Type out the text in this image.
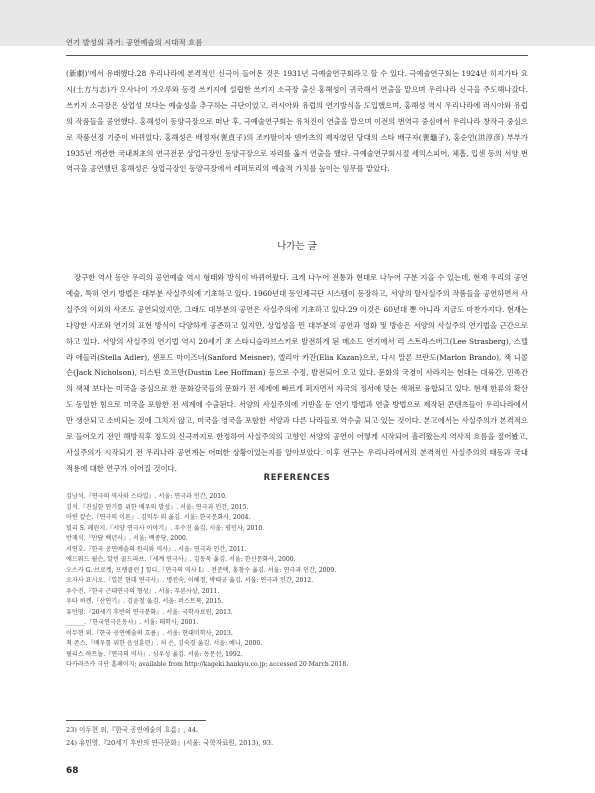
연기 발성의 과거: 공연예술의 시대적 흐름

(新劇)'에서 유래했다.28 우리나라에 본격적인 신극이 들어온 것은 1931년 극예술연구회라고 할 수 있다. 극예술연구회는 1924년 히지가타 요시(土方与志)가 오사나이 가오루와 동경 쓰키지에 설립한 쓰키지 소극장 출신 홍해성이 귀국해서 연출을 맡으며 우리나라 신극을 주도해나갔다. 쓰키지 소극장은 상업성 보다는 예술성을 추구하는 극단이었고, 러시아와 유럽의 연기방식을 도입했으며, 홍해성 역시 우리나라에 러시아와 유럽의 작품들을 공연했다. 홍해성이 동양극장으로 떠난 후, 극예술연구회는 유치진이 연출을 맡으며 이전의 번역극 중심에서 우리나라 창작극 중심으로 작품선정 기준이 바뀌었다. 홍해성은 배정자(裵貞子)의 조카딸이자 덴카츠의 제자였던 당대의 스타 배구자(裵龜子), 홍순언(洪淳彦) 부부가 1935년 개관한 국내최초의 연극전문 상업극장인 동양극장으로 자리를 옮겨 연출을 했다. 극예술연구회시절 세익스피어, 체홉, 입센 등의 서양 번역극을 공연했던 홍해성은 상업극장인 동양극장에서 레퍼토리의 예술적 가치를 높이는 임무를 맡았다.

나가는 글

장구한 역사 동안 우리의 공연예술 역시 형태와 방식이 바뀌어왔다. 크게 나누어 전통과 현대로 나누어 구분 지을 수 있는데, 현재 우리의 공연 예술, 특히 연기 방법은 대부분 사실주의에 기초하고 있다. 1960년대 동인제극단 시스템이 등장하고, 서양의 탈사실주의 작품들을 공연하면서 사실주의 이외의 사조도 공연되었지만, 그래도 대부분의 공연은 사실주의에 기초하고 있다.29 이것은 60년대 뿐 아니라 지금도 마찬가지다. 현재는 다양한 사조와 연기의 표현 방식이 다양하게 공존하고 있지만, 상업성을 띈 대부분의 공연과 영화 및 방송은 서양의 사실주의 연기법을 근간으로 하고 있다. 서양의 사실주의 연기법 역시 20세기 초 스타니슬라브스키로 발전하게 된 메소드 연기에서 리 스트라스버그(Lee Strasberg), 스텔라 애들러(Stella Adler), 샌포드 마이즈너(Sanford Meisner), 엘리아 카잔(Elia Kazan)으로, 다시 말론 브란도(Marlon Brando), 잭 니콜슨(Jack Nicholson), 더스틴 호프만(Dustin Lee Hoffman) 등으로 수정, 발전되어 오고 있다. 문화의 국경이 사라지는 현대는 대륙간, 민족간의 색체 보다는 미국을 중심으로 한 문화강국들의 문화가 전 세계에 빠르게 퍼지면서 자국의 정서에 맞는 색채로 융합되고 있다. 현재 한류의 확산도 동일한 힘으로 미국을 포함한 전 세계에 수출된다. 서양의 사실주의에 기반을 둔 연기 방법과 연출 방법으로 제작된 콘텐츠들이 우리나라에서만 생산되고 소비되는 것에 그치지 않고, 미국을 영국을 포함한 서양과 다른 나라들로 역수출 되고 있는 것이다. 본고에서는 사실주의가 본격적으로 들어오기 전인 해방직후 정도의 신극까지로 한정하여 사실주의의 고향인 서양의 공연이 어떻게 시작되어 흘러왔는지 역사적 흐름을 짚어봤고, 사실주의가 시작되기 전 우리나라 공연계는 어떠한 상황이었는지를 알아보았다. 이후 연구는 우리나라에서의 본격적인 사실주의의 태동과 국내 적용에 대한 연구가 이어질 것이다.

REFERENCES
김남석.『연극의 역사와 스타일』. 서울: 연극과 인간, 2010.
김석.『진실한 연기를 위한 배우의 발성』. 서울: 연극과 인간, 2015.
마빈 칼슨.『연극의 이론』. 김익두 외 옮김. 서울: 한국문화사, 2004.
빌리 S. 페린지.『서양 연극사 이야기』. 우수진 옮김. 서울: 평민사, 2010.
반재식.『만담 백년사』. 서울: 백중당, 2000.
서연호.『한국 공연예술의 원리와 역사』. 서울: 연극과 인간, 2011.
에드워드 윌슨, 알빈 골드파브.『세계 연극사』. 김동욱 옮김. 서울: 한신문화사, 2000.
오스카 G. 브로켓, 프랭클린 J 힐디.『연극의 역사 I』. 전준택, 홍창수 옮김. 서울: 연극과 인간, 2009.
오자사 요시오.『일본 현대 연극사』. 명진숙, 이혜정, 박태규 옮김. 서울: 연극과 인간, 2012.
우수진.『한국 근대연극의 형성』. 서울: 푸른사상, 2011.
우타 하겐.『산연기』. 김윤철 옮김. 서울: 퍼스트북, 2015.
유민영.『20세기 후반의 연극문화』. 서울: 국학자료원, 2013.
______.『한국연극운동사』. 서울: 태학사, 2001.
이두현 외.『한국 공연예술의 흐름』. 서울: 현대미학사, 2013.
척 존스.『배우를 위한 음성훈련』. 허 은, 김숙경 옮김. 서울: 예니, 2000.
필리스 하트놀.『연극의 역사』. 심우성 옮김. 서울: 동문선, 1992.
다카라즈카 극단 홈페이지; available from http://kageki.hankyu.co.jp; accessed 20 March 2018.
23) 이두현 외,『한국 공연예술의 흐름』, 44.
24) 유민영,『20세기 후반의 연극문화』(서울: 국학자료원, 2013), 93.
68
